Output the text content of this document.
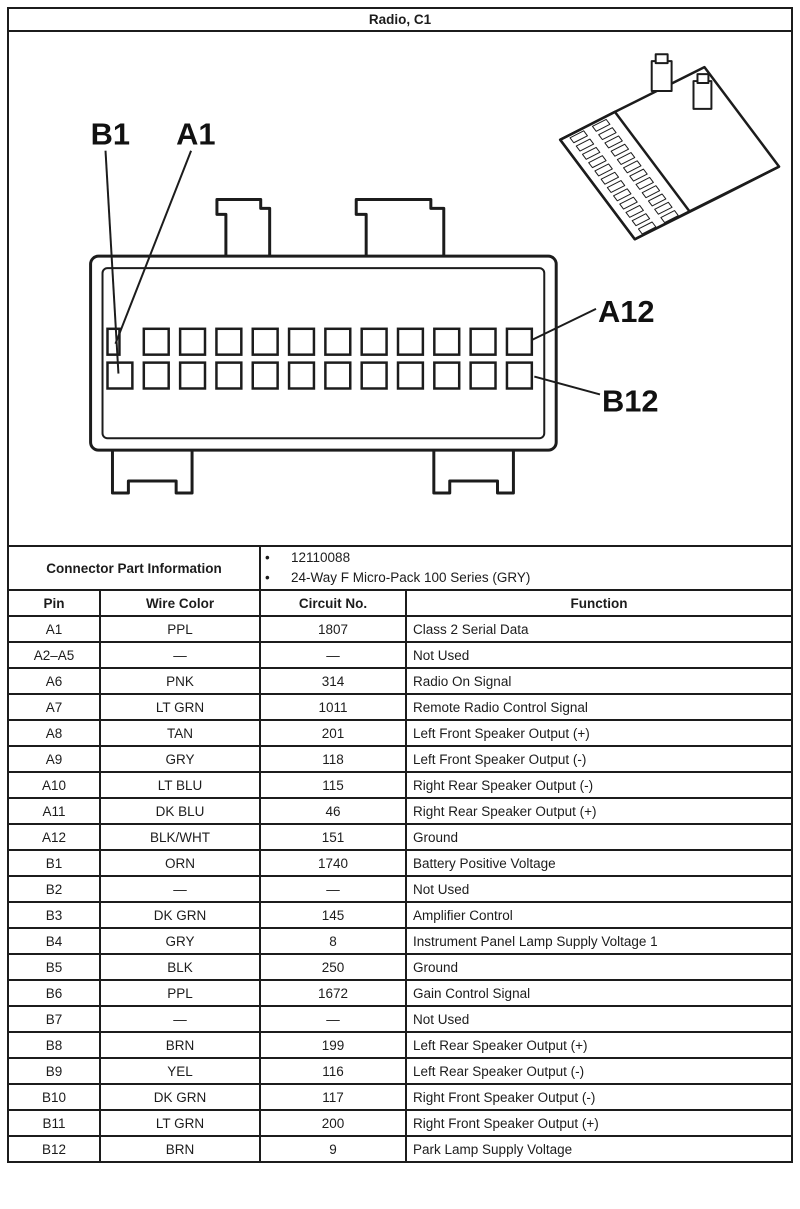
Radio, C1
B1 A1
A12
B12
Connector Part Information		• 12110088
• 24-Way F Micro-Pack 100 Series (GRY)	

Pin	Wire Color	Circuit No.	Function
A1	PPL	1807	Class 2 Serial Data
A2–A5	—	—	Not Used
A6	PNK	314	Radio On Signal
A7	LT GRN	1011	Remote Radio Control Signal
A8	TAN	201	Left Front Speaker Output (+)
A9	GRY	118	Left Front Speaker Output (-)
A10	LT BLU	115	Right Rear Speaker Output (-)
A11	DK BLU	46	Right Rear Speaker Output (+)
A12	BLK/WHT	151	Ground
B1	ORN	1740	Battery Positive Voltage
B2	—	—	Not Used
B3	DK GRN	145	Amplifier Control
B4	GRY	8	Instrument Panel Lamp Supply Voltage 1
B5	BLK	250	Ground
B6	PPL	1672	Gain Control Signal
B7	—	—	Not Used
B8	BRN	199	Left Rear Speaker Output (+)
B9	YEL	116	Left Rear Speaker Output (-)
B10	DK GRN	117	Right Front Speaker Output (-)
B11	LT GRN	200	Right Front Speaker Output (+)
B12	BRN	9	Park Lamp Supply Voltage
